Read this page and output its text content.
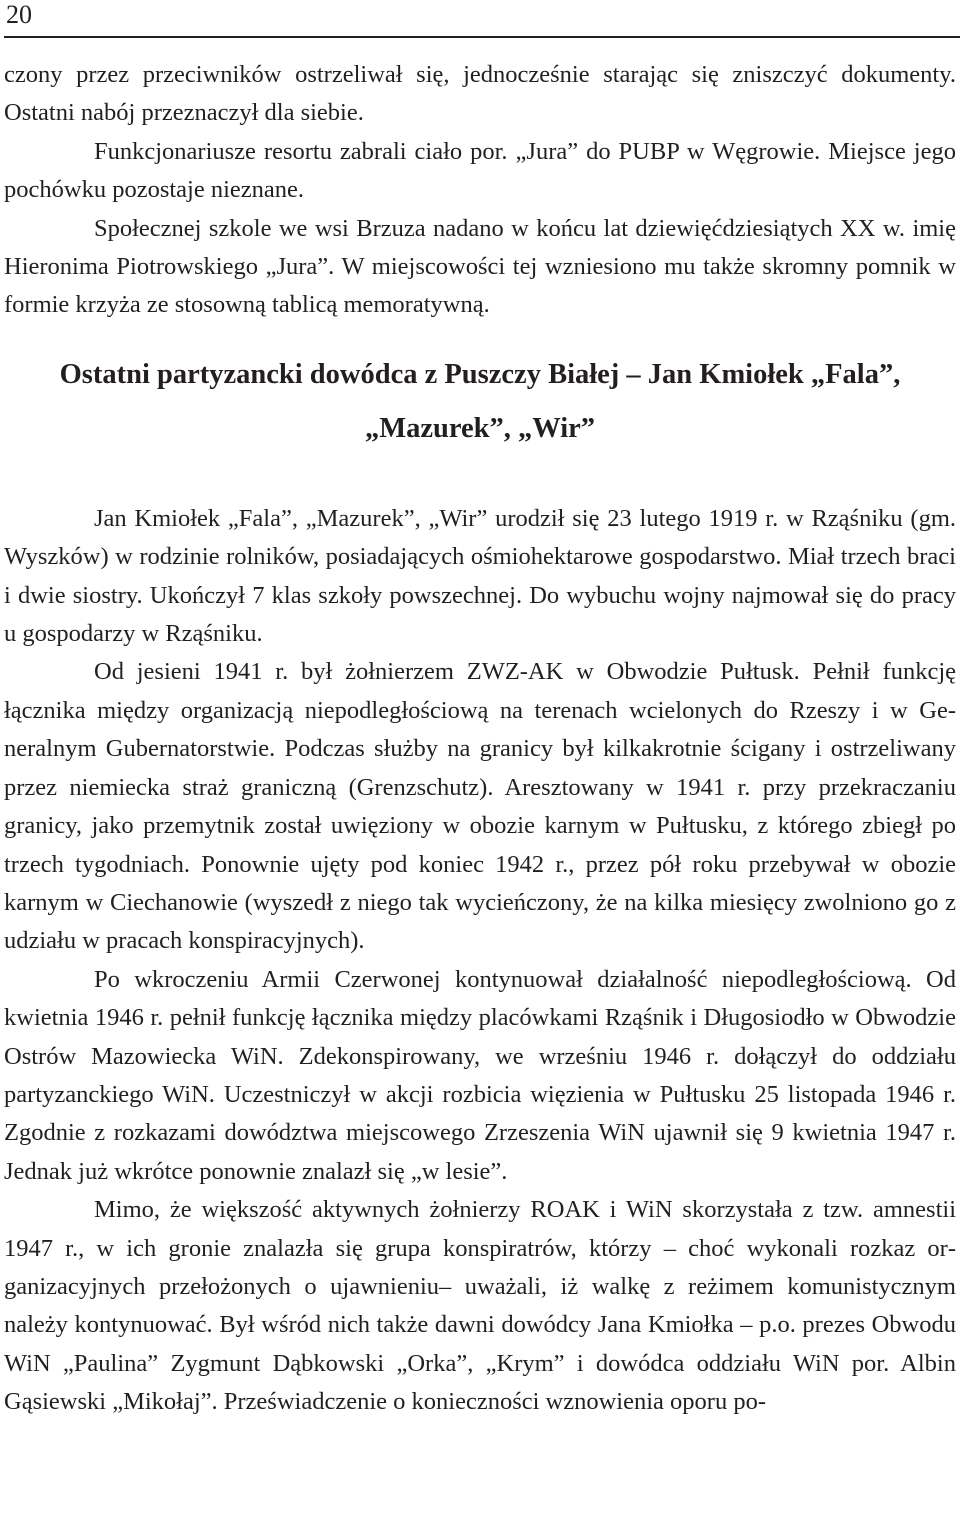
20

czony przez przeciwników ostrzeliwał się, jednocześnie starając się zniszczyć dokumenty. Ostatni nabój przeznaczył dla siebie.

Funkcjonariusze resortu zabrali ciało por. „Jura” do PUBP w Węgrowie. Miejsce jego pochówku pozostaje nieznane.

Społecznej szkole we wsi Brzuza nadano w końcu lat dziewięćdziesiątych XX w. imię Hieronima Piotrowskiego „Jura”. W miejscowości tej wzniesiono mu także skromny pomnik w formie krzyża ze stosowną tablicą memoratywną.

Ostatni partyzancki dowódca z Puszczy Białej – Jan Kmiołek „Fala”, „Mazurek”, „Wir”

Jan Kmiołek „Fala”, „Mazurek”, „Wir” urodził się 23 lutego 1919 r. w Rząśniku (gm. Wyszków) w rodzinie rolników, posiadających ośmiohektarowe gospodarstwo. Miał trzech braci i dwie siostry. Ukończył 7 klas szkoły powszechnej. Do wybuchu wojny najmował się do pracy u gospodarzy w Rząśniku.

Od jesieni 1941 r. był żołnierzem ZWZ-AK w Obwodzie Pułtusk. Pełnił funkcję łącznika między organizacją niepodległościową na terenach wcielonych do Rzeszy i w Generalnym Gubernatorstwie. Podczas służby na granicy był kilkakrotnie ścigany i ostrzeliwany przez niemiecka straż graniczną (Grenzschutz). Aresztowany w 1941 r. przy przekraczaniu granicy, jako przemytnik został uwięziony w obozie karnym w Pułtusku, z którego zbiegł po trzech tygodniach. Ponownie ujęty pod koniec 1942 r., przez pół roku przebywał w obozie karnym w Ciechanowie (wyszedł z niego tak wycieńczony, że na kilka miesięcy zwolniono go z udziału w pracach konspiracyjnych).

Po wkroczeniu Armii Czerwonej kontynuował działalność niepodległościową. Od kwietnia 1946 r. pełnił funkcję łącznika między placówkami Rząśnik i Długosiodło w Obwodzie Ostrów Mazowiecka WiN. Zdekonspirowany, we wrześniu 1946 r. dołączył do oddziału partyzanckiego WiN. Uczestniczył w akcji rozbicia więzienia w Pułtusku 25 listopada 1946 r. Zgodnie z rozkazami dowództwa miejscowego Zrzeszenia WiN ujawnił się 9 kwietnia 1947 r. Jednak już wkrótce ponownie znalazł się „w lesie”.

Mimo, że większość aktywnych żołnierzy ROAK i WiN skorzystała z tzw. amnestii 1947 r., w ich gronie znalazła się grupa konspiratrów, którzy – choć wykonali rozkaz organizacyjnych przełożonych o ujawnieniu– uważali, iż walkę z reżimem komunistycznym należy kontynuować. Był wśród nich także dawni dowódcy Jana Kmiołka – p.o. prezes Obwodu WiN „Paulina” Zygmunt Dąbkowski „Orka”, „Krym” i dowódca oddziału WiN por. Albin Gąsiewski „Mikołaj”. Przeświadczenie o konieczności wznowienia oporu po-
